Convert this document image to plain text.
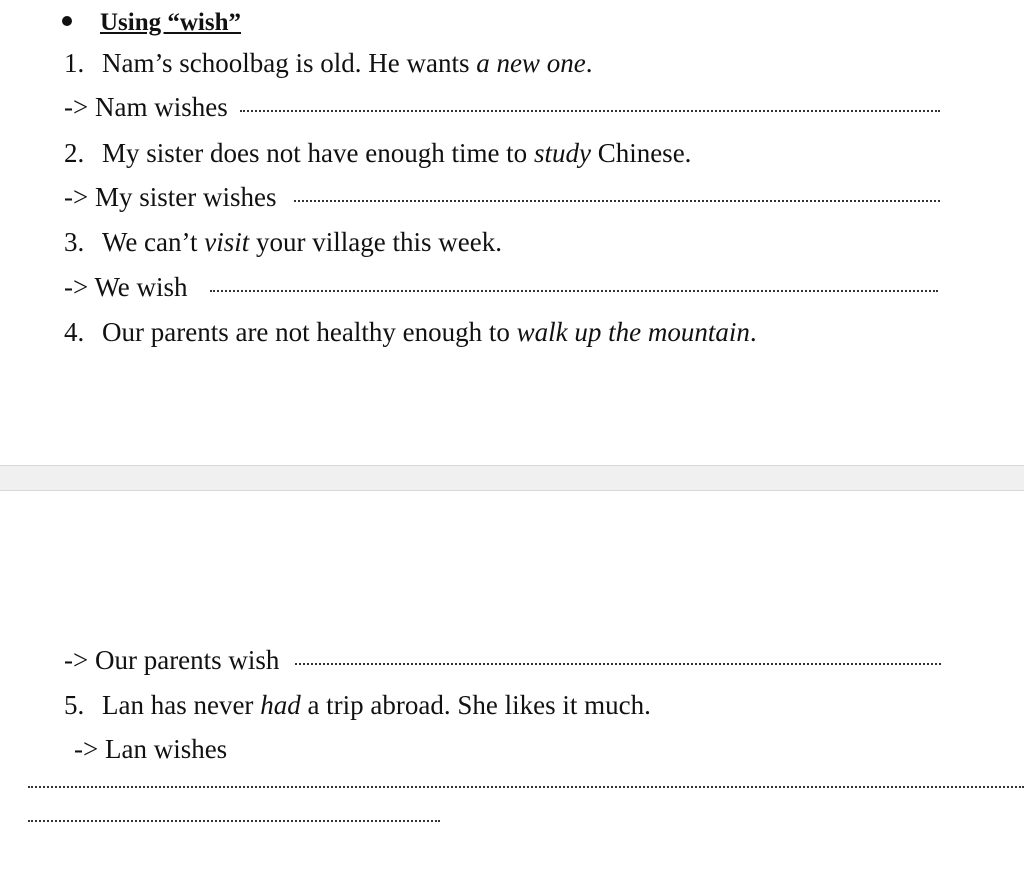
Using “wish”
1. Nam’s schoolbag is old. He wants a new one.
-> Nam wishes
2. My sister does not have enough time to study Chinese.
-> My sister wishes
3. We can’t visit your village this week.
-> We wish
4. Our parents are not healthy enough to walk up the mountain.
-> Our parents wish
5. Lan has never had a trip abroad. She likes it much.
-> Lan wishes
